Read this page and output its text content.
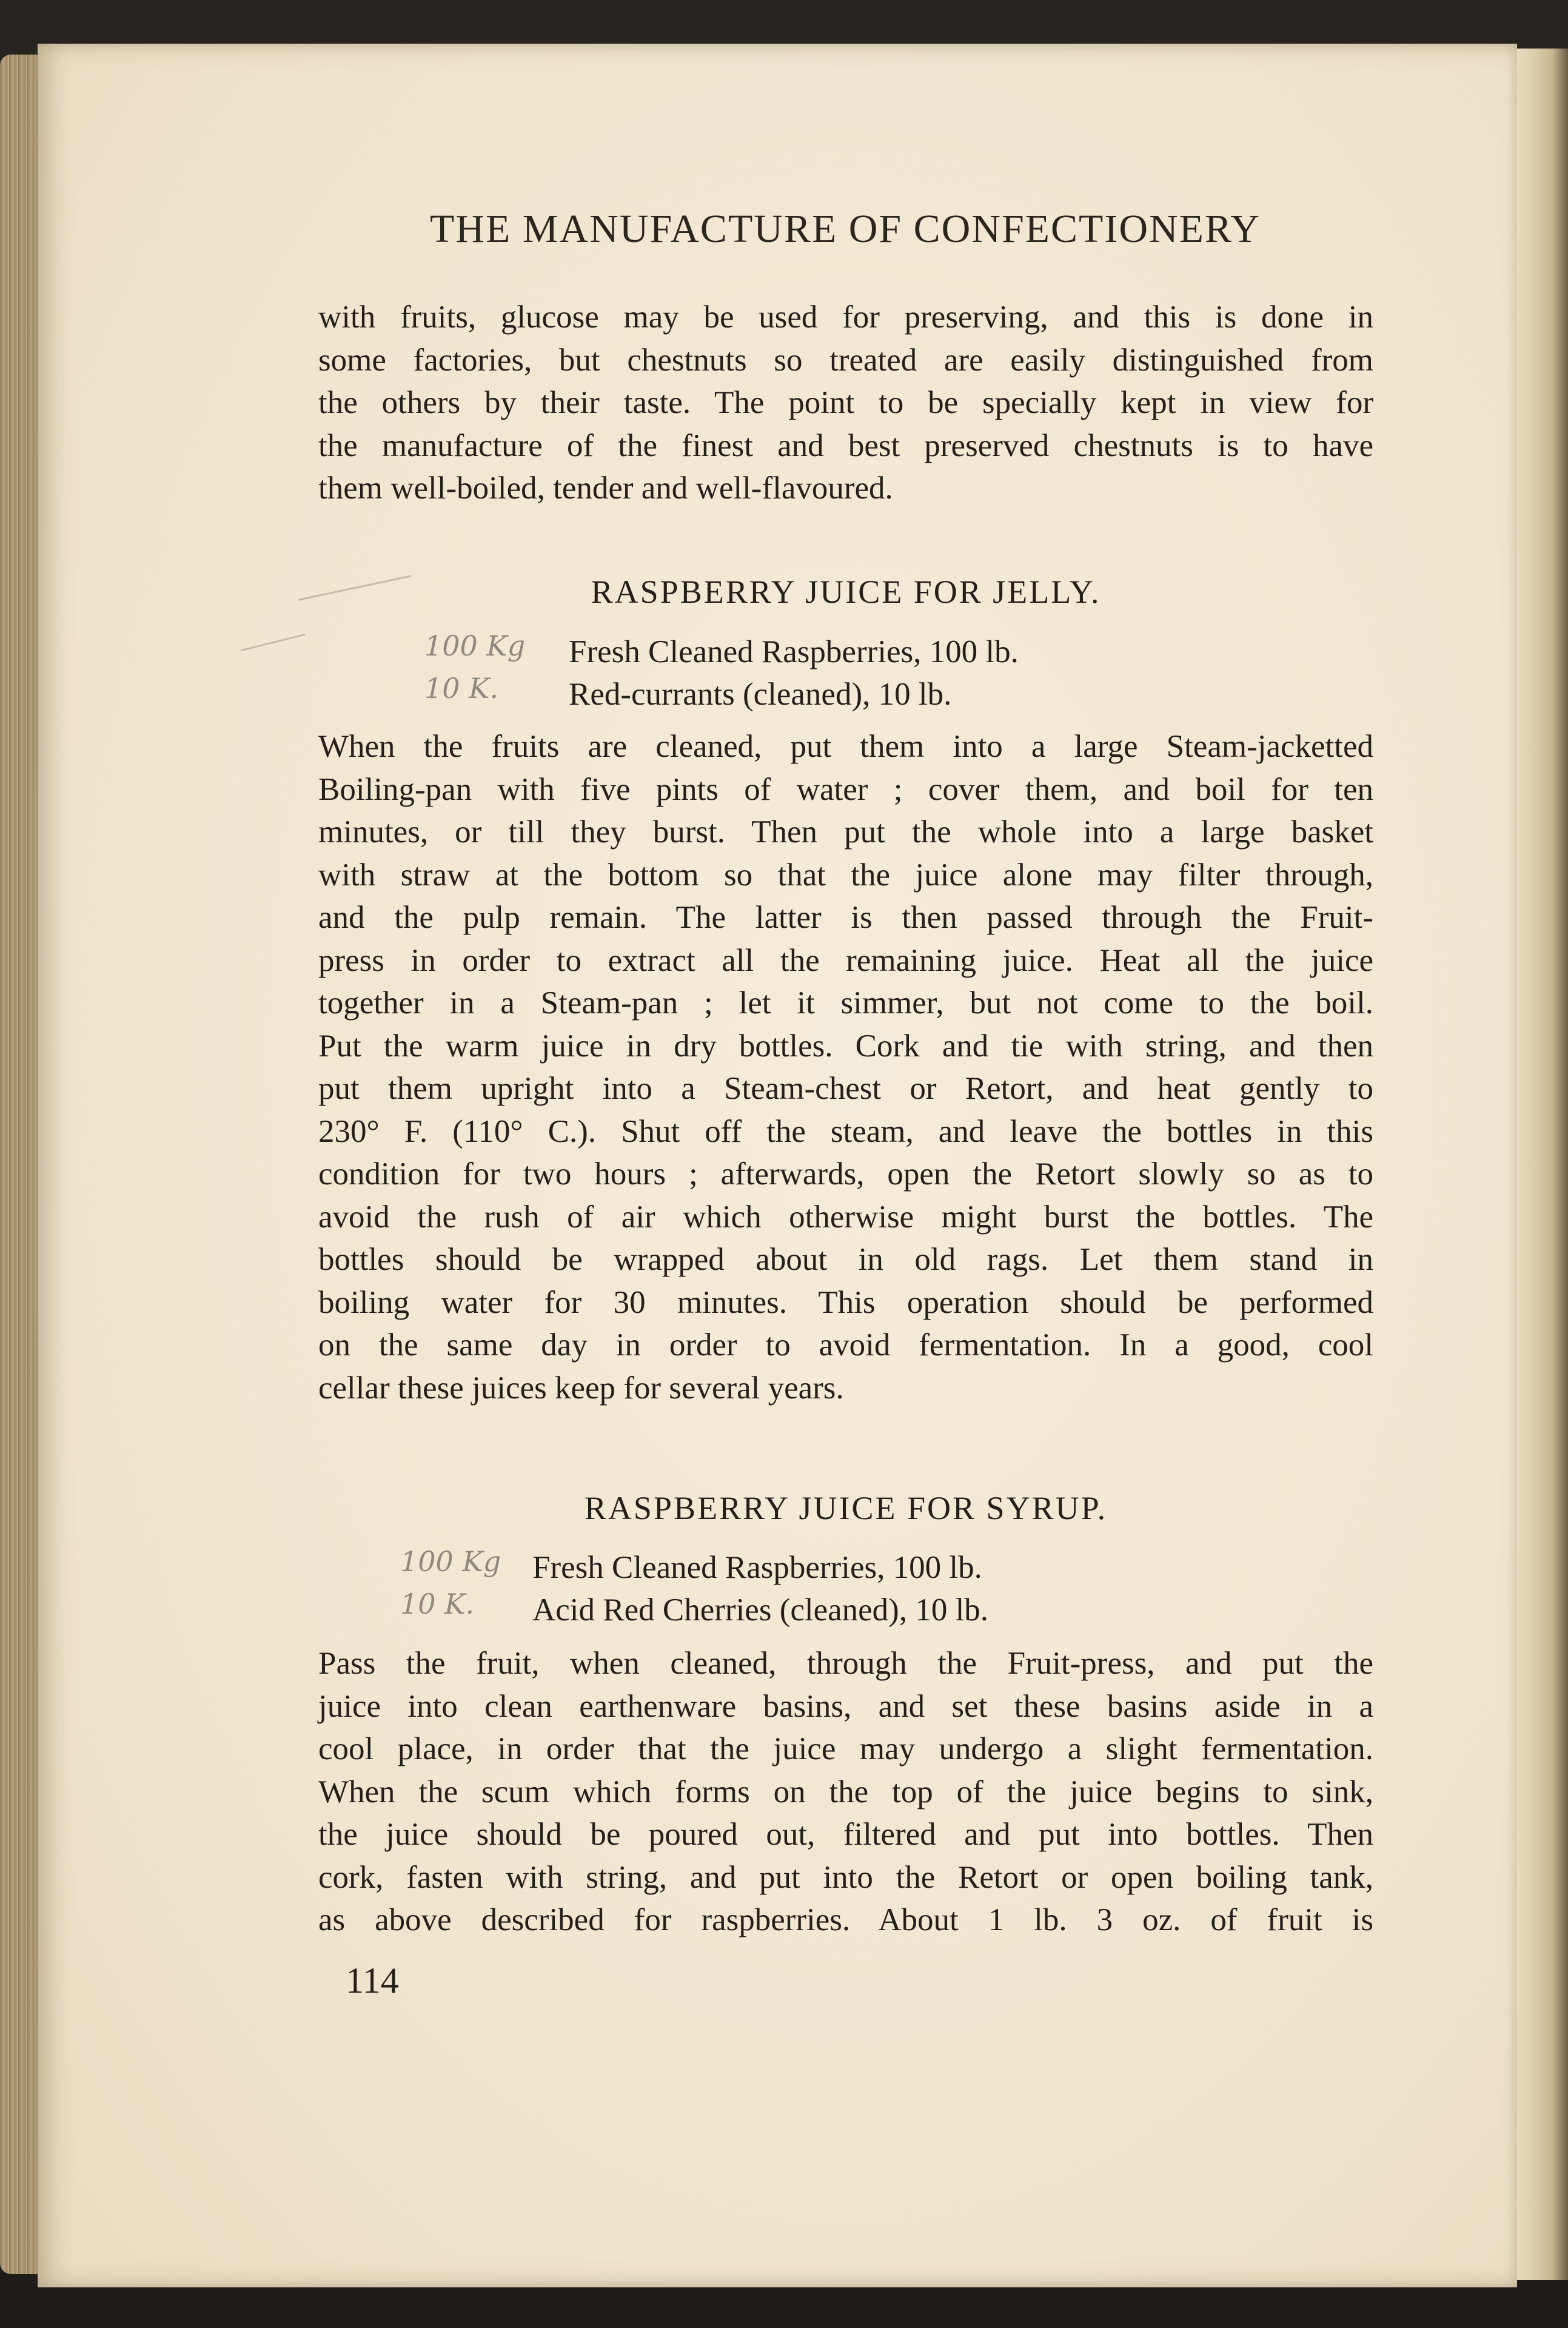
THE MANUFACTURE OF CONFECTIONERY
with fruits, glucose may be used for preserving, and this is done in
some factories, but chestnuts so treated are easily distinguished from
the others by their taste. The point to be specially kept in view for
the manufacture of the finest and best preserved chestnuts is to have
them well-boiled, tender and well-flavoured.
RASPBERRY JUICE FOR JELLY.
100 Kg
10 K.
Fresh Cleaned Raspberries, 100 lb.
Red-currants (cleaned), 10 lb.
When the fruits are cleaned, put them into a large Steam-jacketted
Boiling-pan with five pints of water ; cover them, and boil for ten
minutes, or till they burst. Then put the whole into a large basket
with straw at the bottom so that the juice alone may filter through,
and the pulp remain. The latter is then passed through the Fruit-
press in order to extract all the remaining juice. Heat all the juice
together in a Steam-pan ; let it simmer, but not come to the boil.
Put the warm juice in dry bottles. Cork and tie with string, and then
put them upright into a Steam-chest or Retort, and heat gently to
230° F. (110° C.). Shut off the steam, and leave the bottles in this
condition for two hours ; afterwards, open the Retort slowly so as to
avoid the rush of air which otherwise might burst the bottles. The
bottles should be wrapped about in old rags. Let them stand in
boiling water for 30 minutes. This operation should be performed
on the same day in order to avoid fermentation. In a good, cool
cellar these juices keep for several years.
RASPBERRY JUICE FOR SYRUP.
100 Kg
10 K.
Fresh Cleaned Raspberries, 100 lb.
Acid Red Cherries (cleaned), 10 lb.
Pass the fruit, when cleaned, through the Fruit-press, and put the
juice into clean earthenware basins, and set these basins aside in a
cool place, in order that the juice may undergo a slight fermentation.
When the scum which forms on the top of the juice begins to sink,
the juice should be poured out, filtered and put into bottles. Then
cork, fasten with string, and put into the Retort or open boiling tank,
as above described for raspberries. About 1 lb. 3 oz. of fruit is
114
